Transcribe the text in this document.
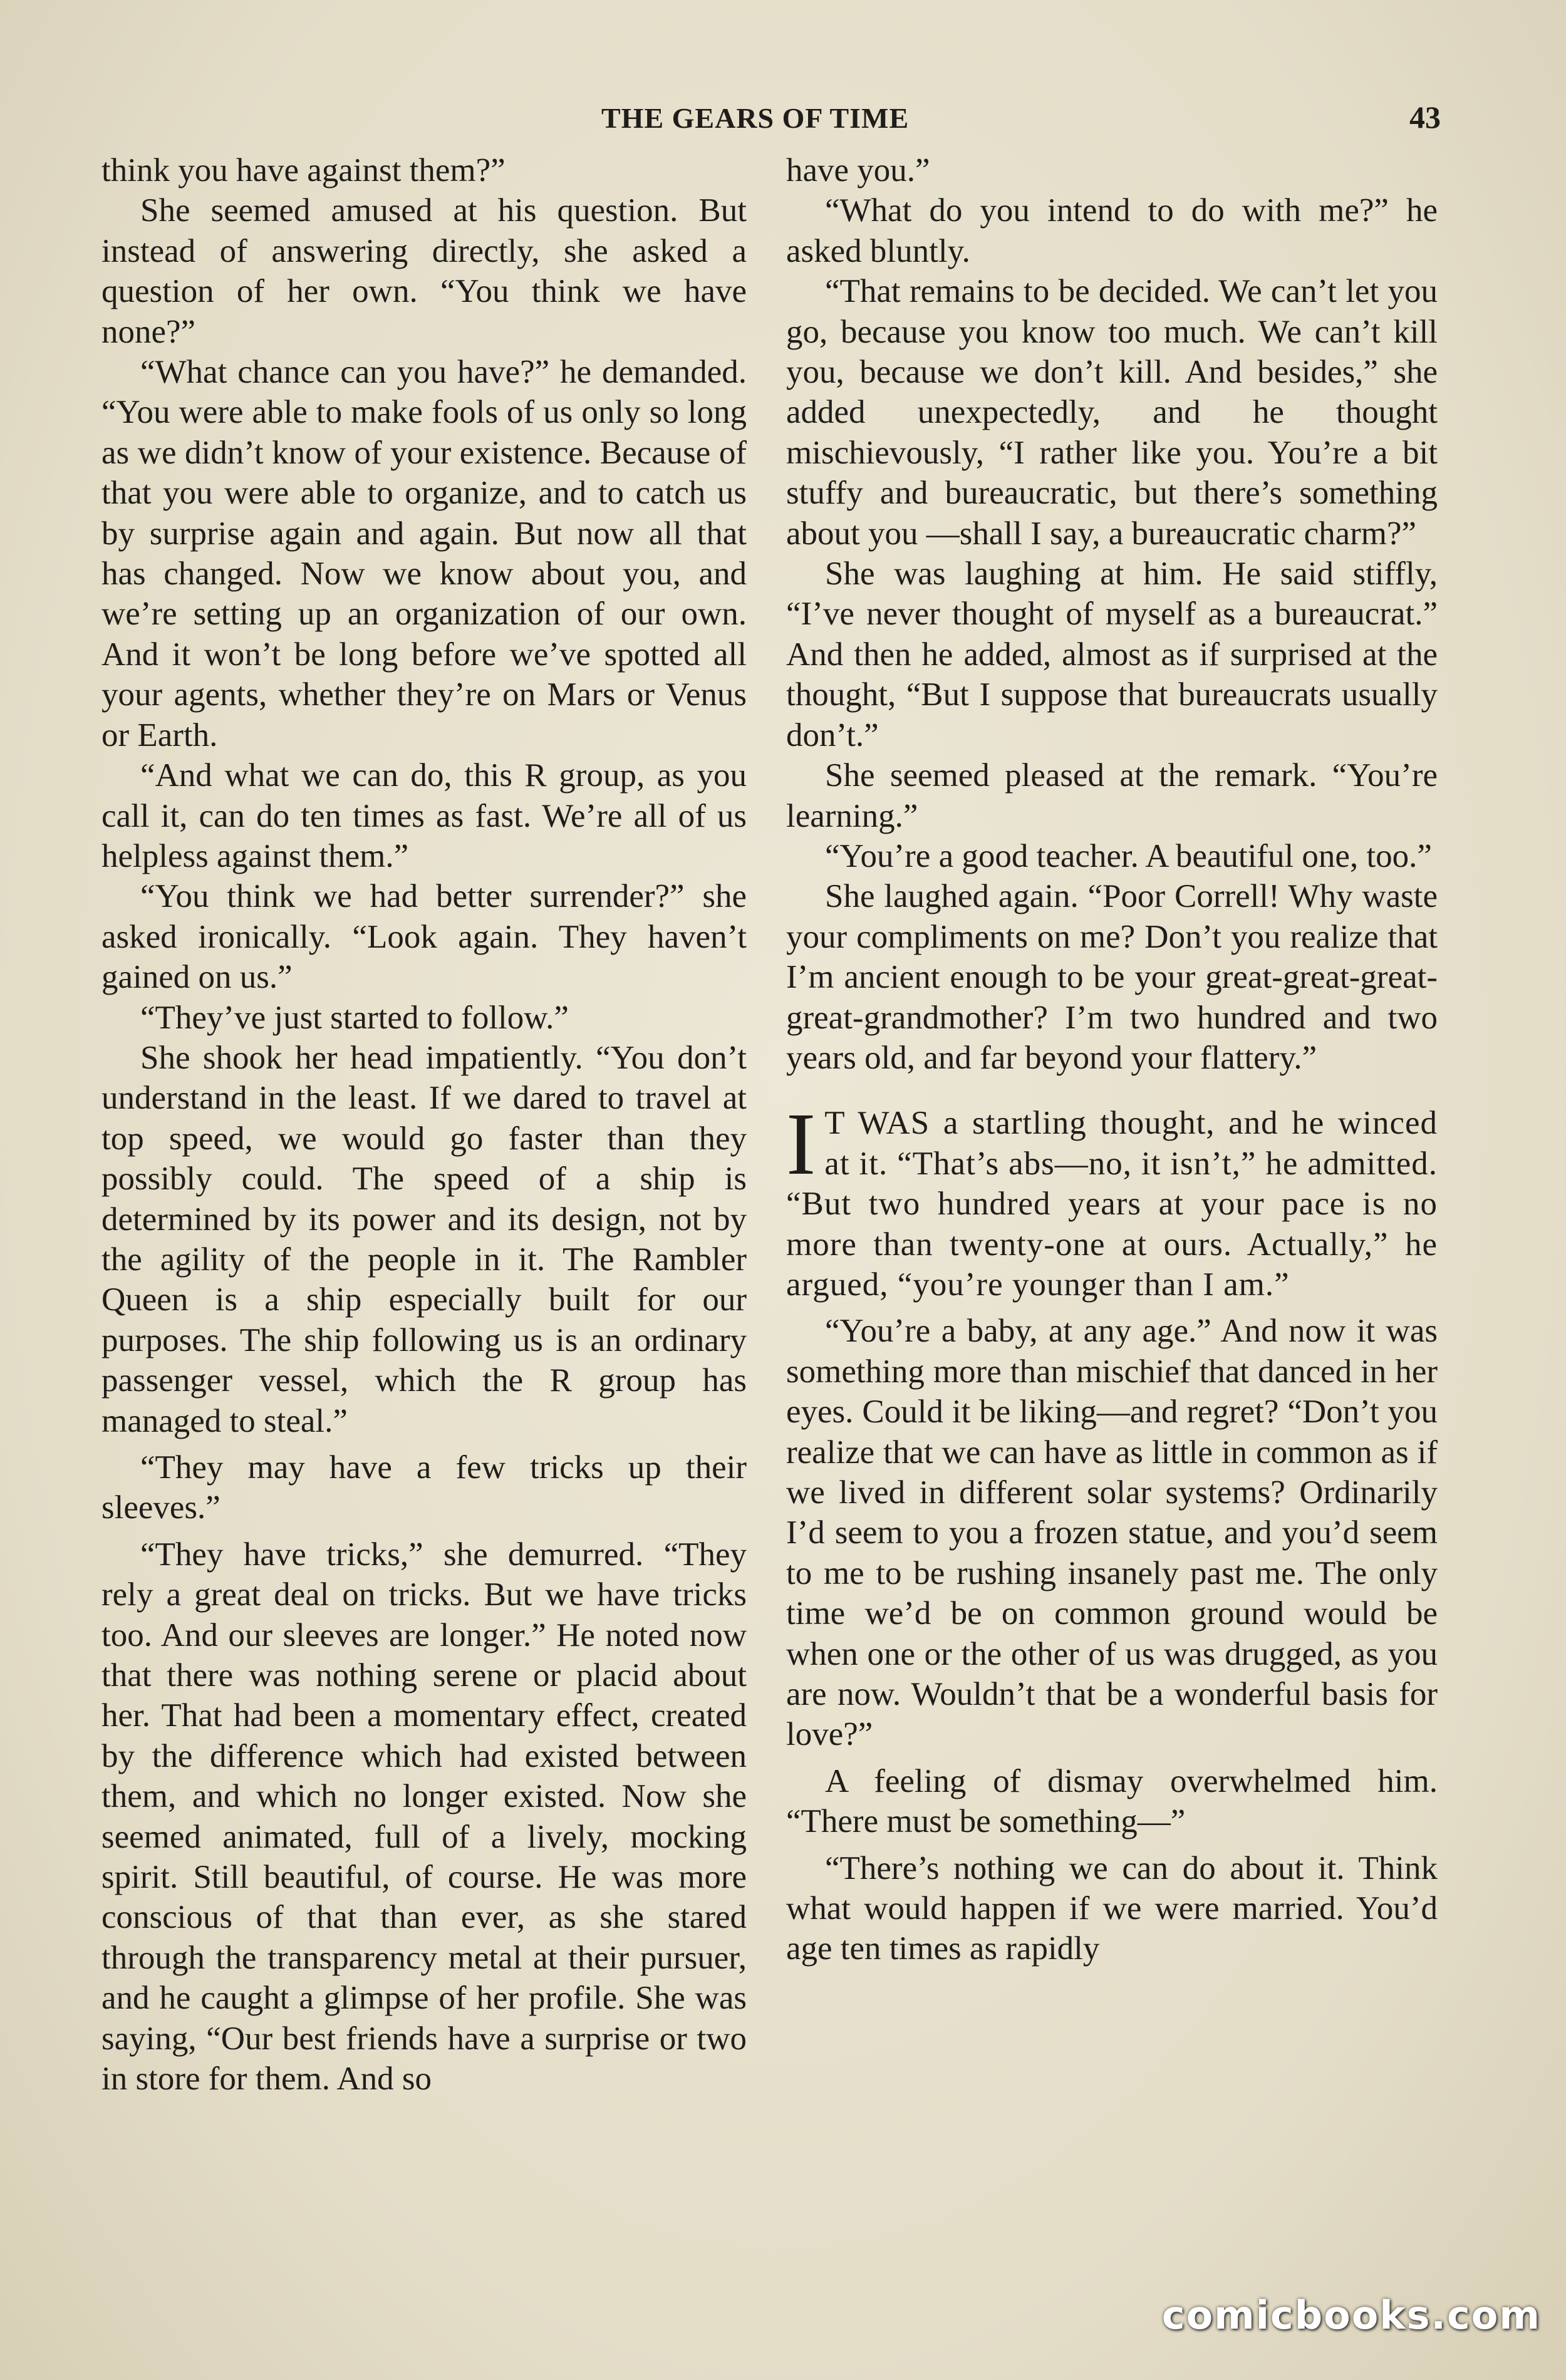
THE GEARS OF TIME	43

think you have against them?”

She seemed amused at his question. But instead of answering directly, she asked a question of her own. “You think we have none?”

“What chance can you have?” he demanded. “You were able to make fools of us only so long as we didn’t know of your existence. Because of that you were able to organize, and to catch us by surprise again and again. But now all that has changed. Now we know about you, and we’re setting up an organization of our own. And it won’t be long before we’ve spotted all your agents, whether they’re on Mars or Venus or Earth.

“And what we can do, this R group, as you call it, can do ten times as fast. We’re all of us helpless against them.”

“You think we had better surrender?” she asked ironically. “Look again. They haven’t gained on us.”

“They’ve just started to follow.”

She shook her head impatiently. “You don’t understand in the least. If we dared to travel at top speed, we would go faster than they possibly could. The speed of a ship is determined by its power and its design, not by the agility of the people in it. The Rambler Queen is a ship especially built for our purposes. The ship following us is an ordinary passenger vessel, which the R group has managed to steal.”

“They may have a few tricks up their sleeves.”

“They have tricks,” she demurred. “They rely a great deal on tricks. But we have tricks too. And our sleeves are longer.” He noted now that there was nothing serene or placid about her. That had been a momentary effect, created by the difference which had existed between them, and which no longer existed. Now she seemed animated, full of a lively, mocking spirit. Still beautiful, of course. He was more conscious of that than ever, as she stared through the transparency metal at their pursuer, and he caught a glimpse of her profile. She was saying, “Our best friends have a surprise or two in store for them. And so

have you.”

“What do you intend to do with me?” he asked bluntly.

“That remains to be decided. We can’t let you go, because you know too much. We can’t kill you, because we don’t kill. And besides,” she added unexpectedly, and he thought mischievously, “I rather like you. You’re a bit stuffy and bureaucratic, but there’s something about you —shall I say, a bureaucratic charm?”

She was laughing at him. He said stiffly, “I’ve never thought of myself as a bureaucrat.” And then he added, almost as if surprised at the thought, “But I suppose that bureaucrats usually don’t.”

She seemed pleased at the remark. “You’re learning.”

“You’re a good teacher. A beautiful one, too.”

She laughed again. “Poor Correll! Why waste your compliments on me? Don’t you realize that I’m ancient enough to be your great-great-great-great-grandmother? I’m two hundred and two years old, and far beyond your flattery.”

I T WAS a startling thought, and he winced at it. “That’s abs—no, it isn’t,” he admitted. “But two hundred years at your pace is no more than twenty-one at ours. Actually,” he argued, “you’re younger than I am.”

“You’re a baby, at any age.” And now it was something more than mischief that danced in her eyes. Could it be liking—and regret? “Don’t you realize that we can have as little in common as if we lived in different solar systems? Ordinarily I’d seem to you a frozen statue, and you’d seem to me to be rushing insanely past me. The only time we’d be on common ground would be when one or the other of us was drugged, as you are now. Wouldn’t that be a wonderful basis for love?”

A feeling of dismay overwhelmed him. “There must be something—”

“There’s nothing we can do about it. Think what would happen if we were married. You’d age ten times as rapidly

comicbooks.com
